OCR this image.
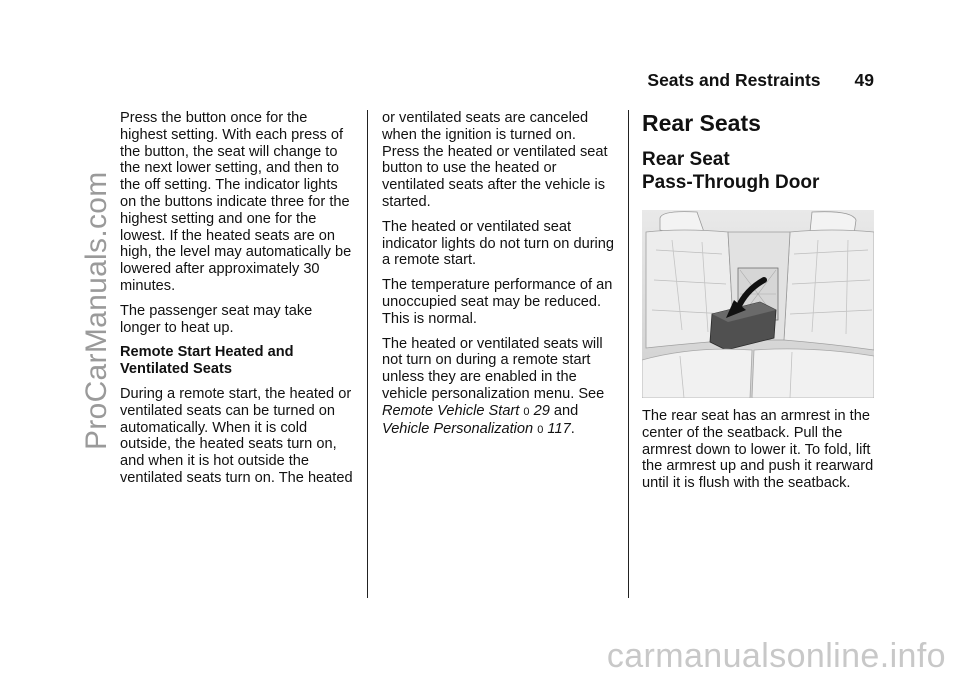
Seats and Restraints 49

Press the button once for the highest setting. With each press of the button, the seat will change to the next lower setting, and then to the off setting. The indicator lights on the buttons indicate three for the highest setting and one for the lowest. If the heated seats are on high, the level may automatically be lowered after approximately 30 minutes.

The passenger seat may take longer to heat up.

Remote Start Heated and Ventilated Seats

During a remote start, the heated or ventilated seats can be turned on automatically. When it is cold outside, the heated seats turn on, and when it is hot outside the ventilated seats turn on. The heated

or ventilated seats are canceled when the ignition is turned on. Press the heated or ventilated seat button to use the heated or ventilated seats after the vehicle is started.

The heated or ventilated seat indicator lights do not turn on during a remote start.

The temperature performance of an unoccupied seat may be reduced. This is normal.

The heated or ventilated seats will not turn on during a remote start unless they are enabled in the vehicle personalization menu. See Remote Vehicle Start 0 29 and Vehicle Personalization 0 117.

Rear Seats
Rear Seat
Pass-Through Door

The rear seat has an armrest in the center of the seatback. Pull the armrest down to lower it. To fold, lift the armrest up and push it rearward until it is flush with the seatback.

ProCarManuals.com
carmanualsonline.info
